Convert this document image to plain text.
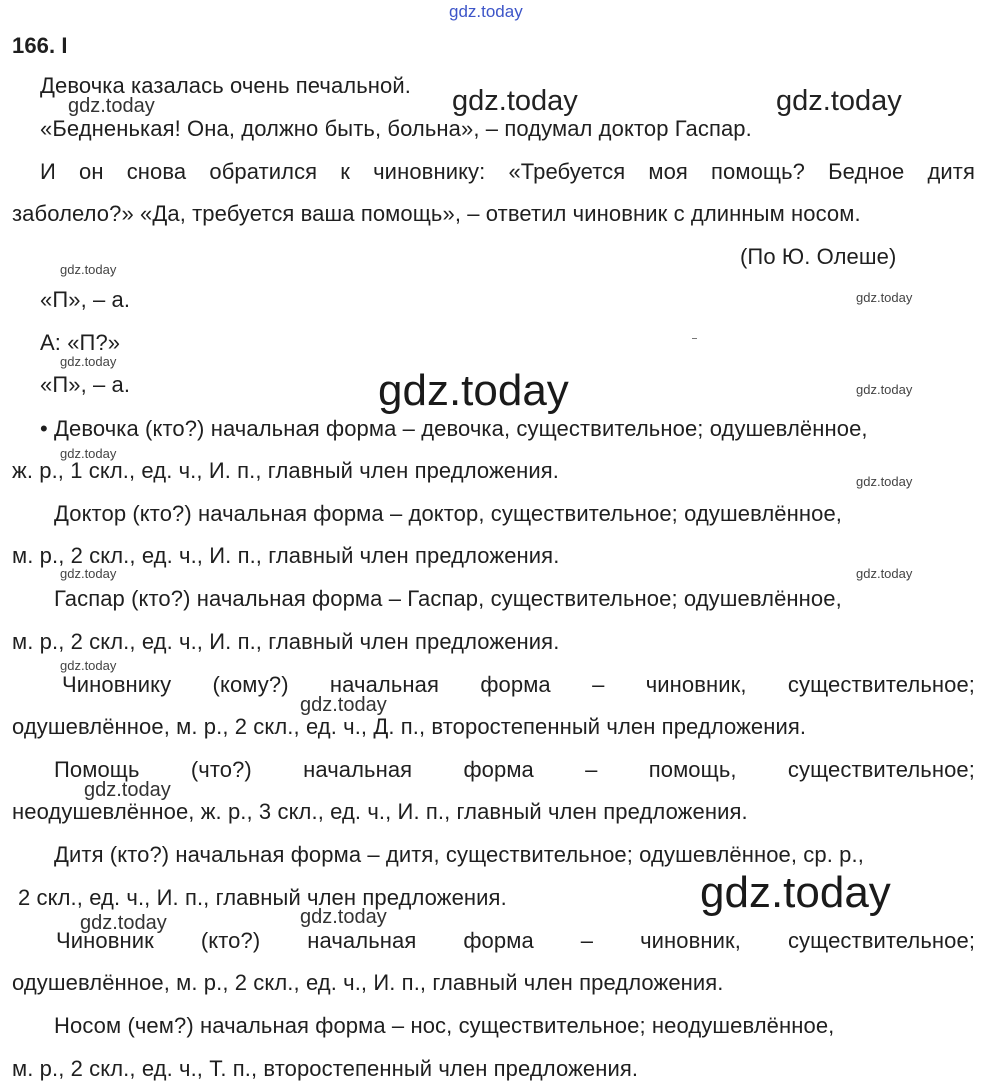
166. I
Девочка казалась очень печальной.
«Бедненькая! Она, должно быть, больна», – подумал доктор Гаспар.
И он снова обратился к чиновнику: «Требуется моя помощь? Бедное дитя
заболело?» «Да, требуется ваша помощь», – ответил чиновник с длинным носом.
(По Ю. Олеше)
«П», – а.
А: «П?»
«П», – а.
• Девочка (кто?) начальная форма – девочка, существительное; одушевлённое,
ж. р., 1 скл., ед. ч., И. п., главный член предложения.
Доктор (кто?) начальная форма – доктор, существительное; одушевлённое,
м. р., 2 скл., ед. ч., И. п., главный член предложения.
Гаспар (кто?) начальная форма – Гаспар, существительное; одушевлённое,
м. р., 2 скл., ед. ч., И. п., главный член предложения.
Чиновнику (кому?) начальная форма – чиновник, существительное;
одушевлённое, м. р., 2 скл., ед. ч., Д. п., второстепенный член предложения.
Помощь (что?) начальная форма – помощь, существительное;
неодушевлённое, ж. р., 3 скл., ед. ч., И. п., главный член предложения.
Дитя (кто?) начальная форма – дитя, существительное; одушевлённое, ср. р.,
2 скл., ед. ч., И. п., главный член предложения.
Чиновник (кто?) начальная форма – чиновник, существительное;
одушевлённое, м. р., 2 скл., ед. ч., И. п., главный член предложения.
Носом (чем?) начальная форма – нос, существительное; неодушевлённое,
м. р., 2 скл., ед. ч., Т. п., второстепенный член предложения.
gdz.today
gdz.today	gdz.today	gdz.today
gdz.today
gdz.today
gdz.today
gdz.today	gdz.today
gdz.today
gdz.today
gdz.today	gdz.today
gdz.today
gdz.today
gdz.today
gdz.today
gdz.today
gdz.today
